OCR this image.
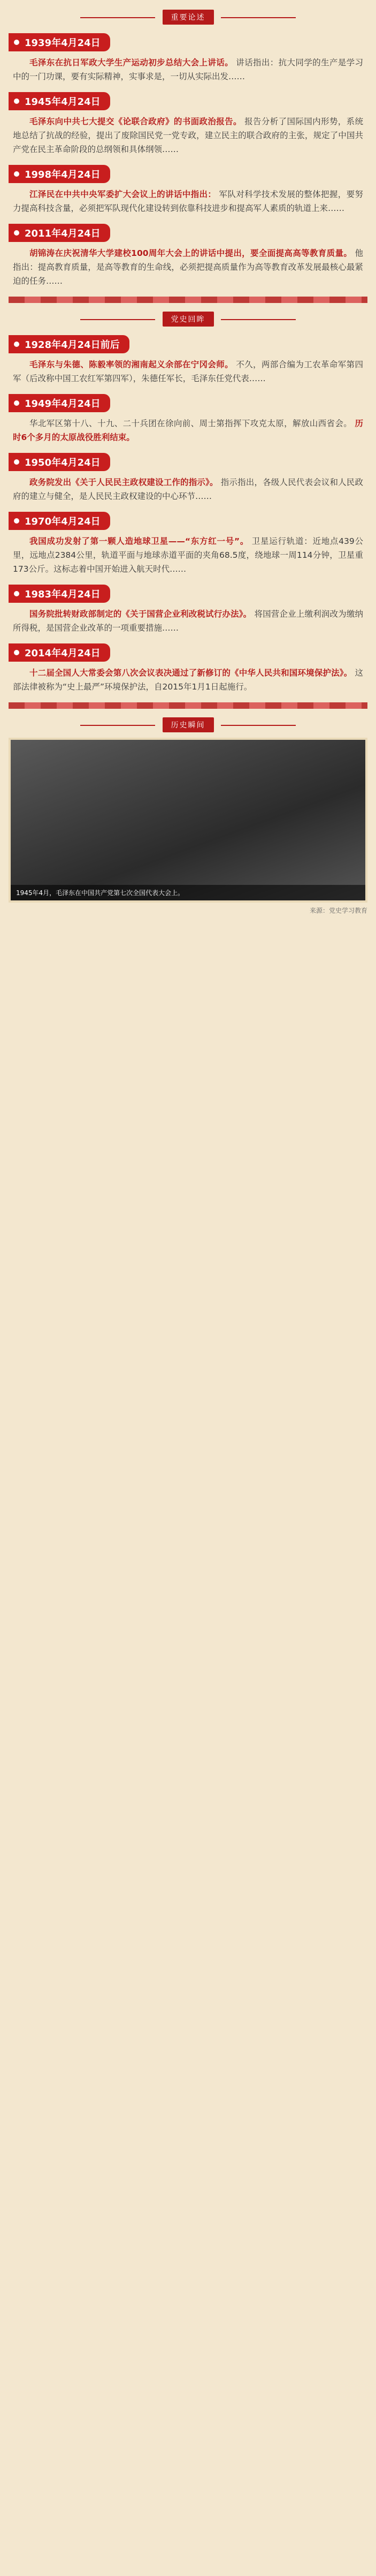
重要论述
1939年4月24日

毛泽东在抗日军政大学生产运动初步总结大会上讲话。 讲话指出：抗大同学的生产是学习中的一门功课，要有实际精神，实事求是，一切从实际出发……

1945年4月24日

毛泽东向中共七大提交《论联合政府》的书面政治报告。 报告分析了国际国内形势，系统地总结了抗战的经验，提出了废除国民党一党专政，建立民主的联合政府的主张，规定了中国共产党在民主革命阶段的总纲领和具体纲领……

1998年4月24日

江泽民在中共中央军委扩大会议上的讲话中指出： 军队对科学技术发展的整体把握，要努力提高科技含量，必须把军队现代化建设转到依靠科技进步和提高军人素质的轨道上来……

2011年4月24日

胡锦涛在庆祝清华大学建校100周年大会上的讲话中提出，要全面提高高等教育质量。 他指出：提高教育质量，是高等教育的生命线，必须把提高质量作为高等教育改革发展最核心最紧迫的任务……

党史回眸
1928年4月24日前后

毛泽东与朱德、陈毅率领的湘南起义余部在宁冈会师。 不久，两部合编为工农革命军第四军（后改称中国工农红军第四军），朱德任军长，毛泽东任党代表……

1949年4月24日

华北军区第十八、十九、二十兵团在徐向前、周士第指挥下攻克太原，解放山西省会。 历时6个多月的太原战役胜利结束。

1950年4月24日

政务院发出《关于人民民主政权建设工作的指示》。 指示指出，各级人民代表会议和人民政府的建立与健全，是人民民主政权建设的中心环节……

1970年4月24日

我国成功发射了第一颗人造地球卫星——“东方红一号”。 卫星运行轨道：近地点439公里，远地点2384公里，轨道平面与地球赤道平面的夹角68.5度，绕地球一周114分钟，卫星重173公斤。这标志着中国开始进入航天时代……

1983年4月24日

国务院批转财政部制定的《关于国营企业利改税试行办法》。 将国营企业上缴利润改为缴纳所得税，是国营企业改革的一项重要措施……

2014年4月24日

十二届全国人大常委会第八次会议表决通过了新修订的《中华人民共和国环境保护法》。 这部法律被称为“史上最严”环境保护法，自2015年1月1日起施行。

历史瞬间
1945年4月，毛泽东在中国共产党第七次全国代表大会上。
来源：党史学习教育
